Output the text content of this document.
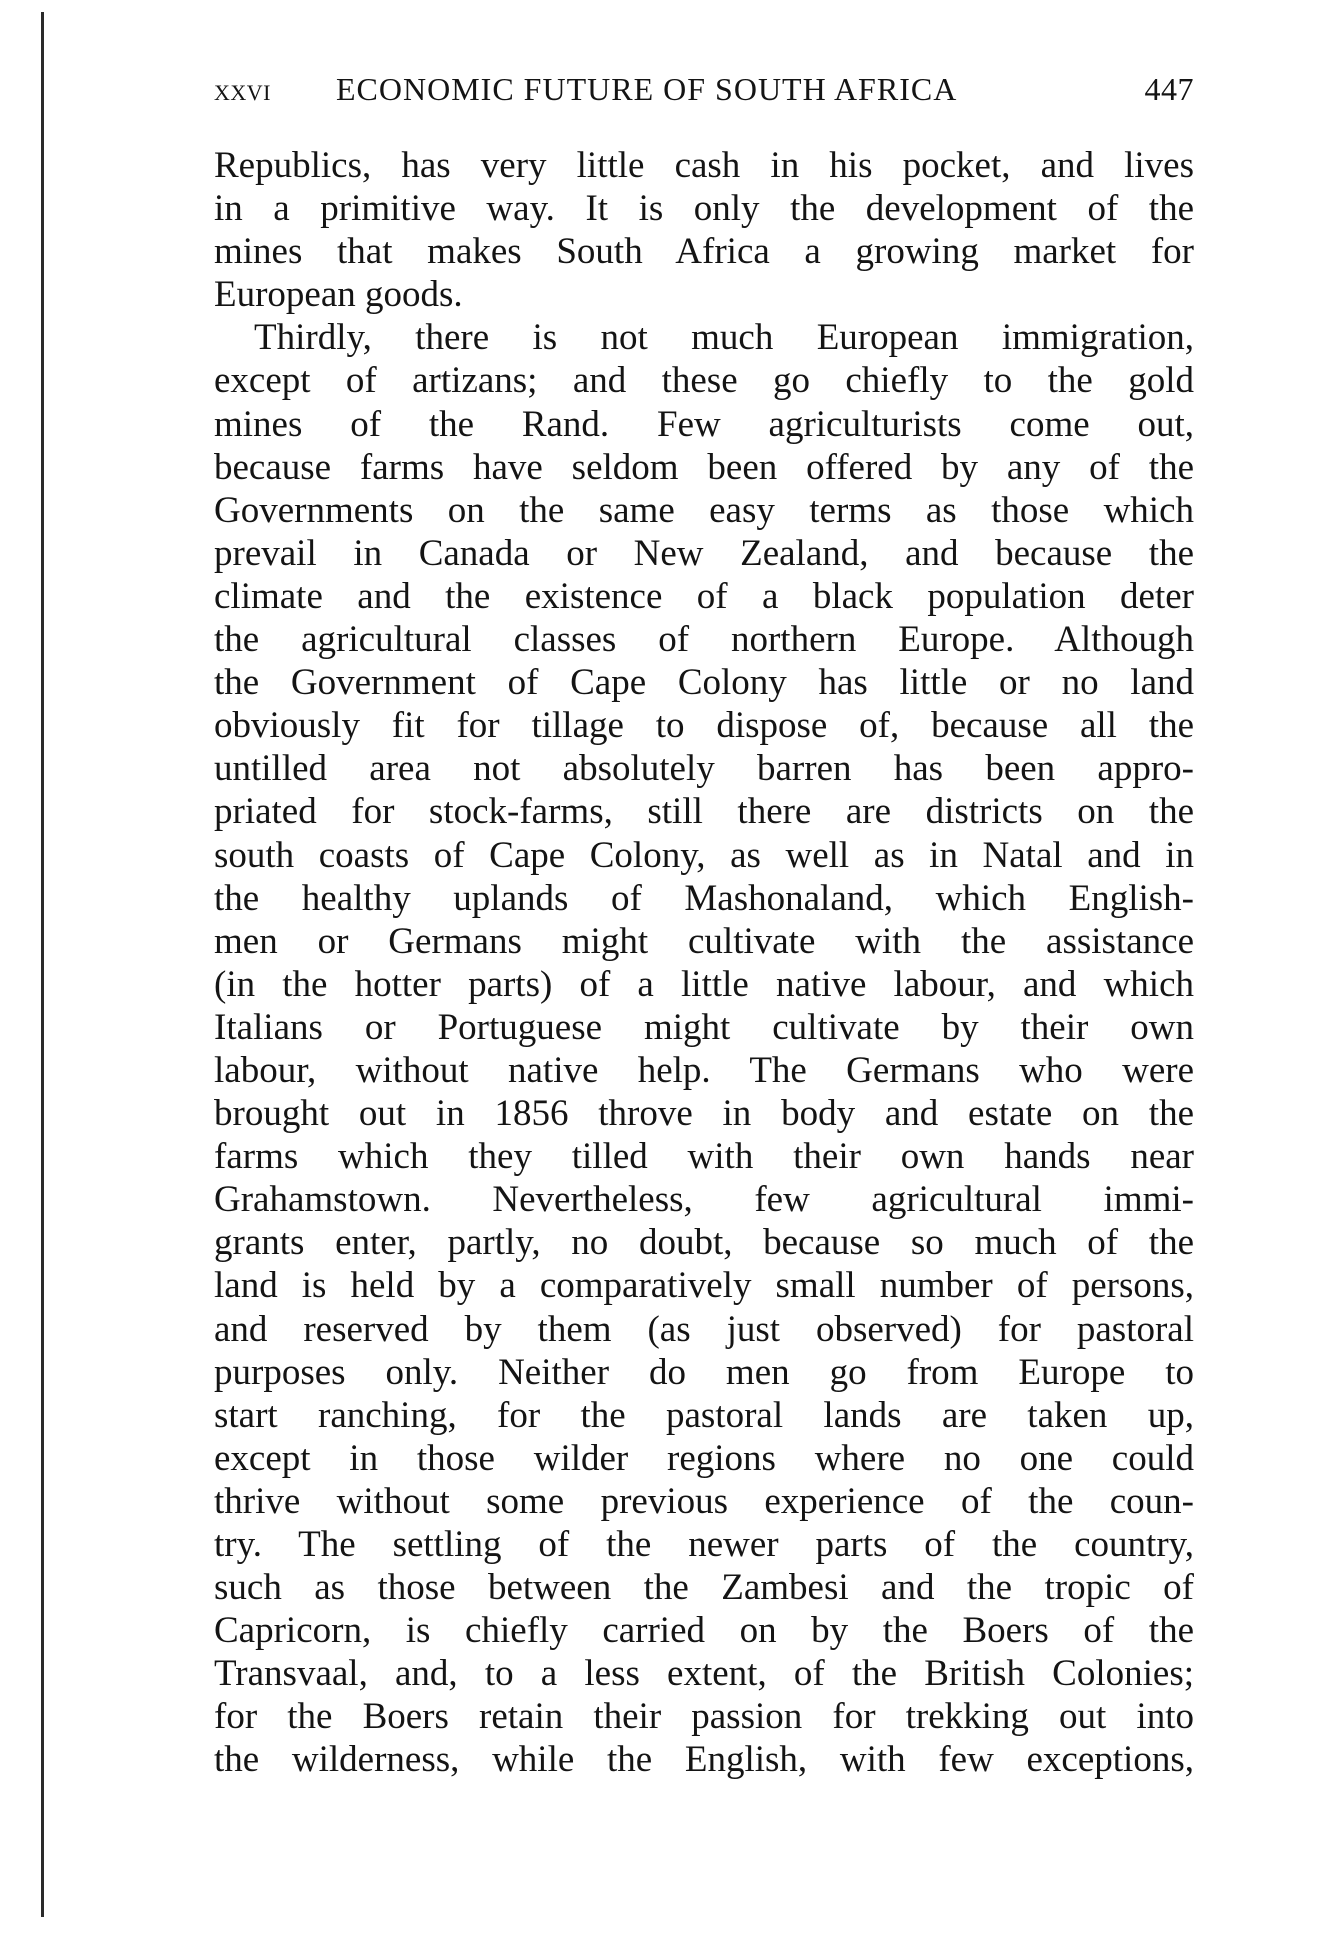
xxvi ECONOMIC FUTURE OF SOUTH AFRICA	447
Republics, has very little cash in his pocket, and lives
in a primitive way. It is only the development of the
mines that makes South Africa a growing market for
European goods.
Thirdly, there is not much European immigration,
except of artizans; and these go chiefly to the gold
mines of the Rand. Few agriculturists come out,
because farms have seldom been offered by any of the
Governments on the same easy terms as those which
prevail in Canada or New Zealand, and because the
climate and the existence of a black population deter
the agricultural classes of northern Europe. Although
the Government of Cape Colony has little or no land
obviously fit for tillage to dispose of, because all the
untilled area not absolutely barren has been appro-
priated for stock-farms, still there are districts on the
south coasts of Cape Colony, as well as in Natal and in
the healthy uplands of Mashonaland, which English-
men or Germans might cultivate with the assistance
(in the hotter parts) of a little native labour, and which
Italians or Portuguese might cultivate by their own
labour, without native help. The Germans who were
brought out in 1856 throve in body and estate on the
farms which they tilled with their own hands near
Grahamstown. Nevertheless, few agricultural immi-
grants enter, partly, no doubt, because so much of the
land is held by a comparatively small number of persons,
and reserved by them (as just observed) for pastoral
purposes only. Neither do men go from Europe to
start ranching, for the pastoral lands are taken up,
except in those wilder regions where no one could
thrive without some previous experience of the coun-
try. The settling of the newer parts of the country,
such as those between the Zambesi and the tropic of
Capricorn, is chiefly carried on by the Boers of the
Transvaal, and, to a less extent, of the British Colonies;
for the Boers retain their passion for trekking out into
the wilderness, while the English, with few exceptions,
